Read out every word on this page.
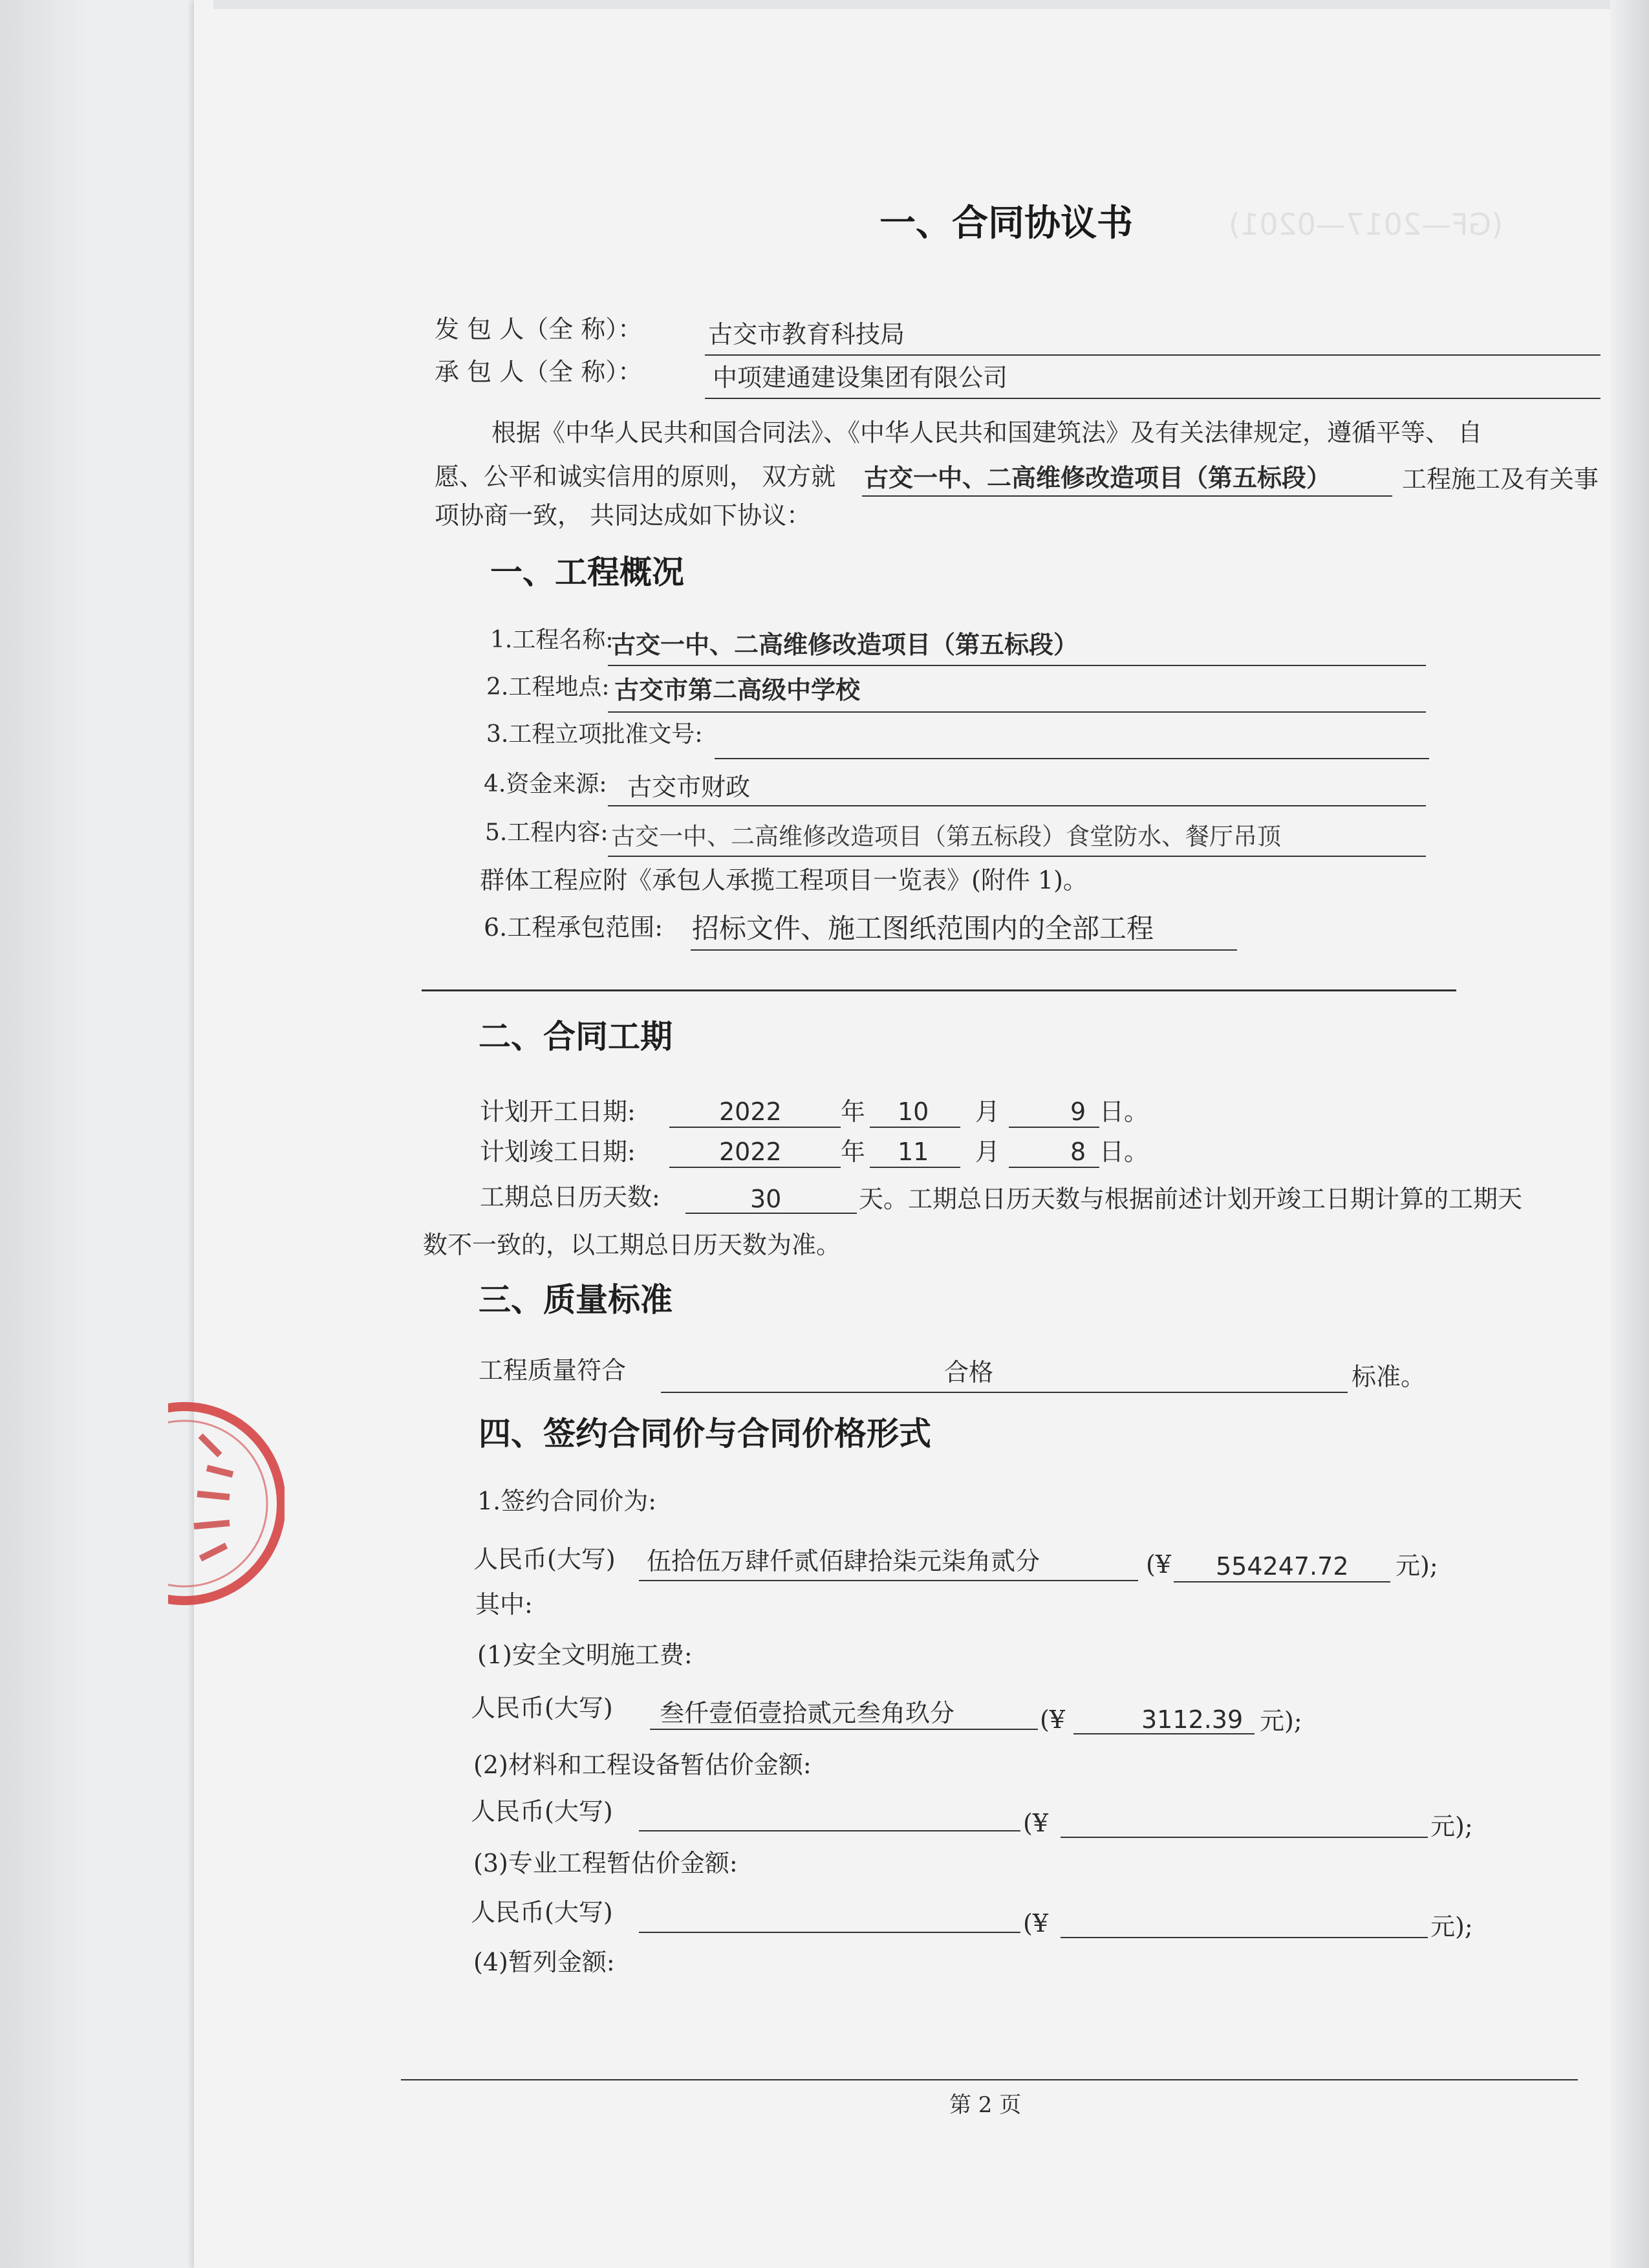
(GF—2017—0201)
一、合同协议书
发 包 人（全 称）：	古交市教育科技局
承 包 人（全 称）：	中项建通建设集团有限公司
根据《中华人民共和国合同法》、《中华人民共和国建筑法》及有关法律规定，遵循平等、 自
愿、公平和诚实信用的原则， 双方就 古交一中、二高维修改造项目（第五标段）	工程施工及有关事
项协商一致， 共同达成如下协议：
一、工程概况
1.工程名称:
古交一中、二高维修改造项目（第五标段）
2.工程地点: 古交市第二高级中学校
3.工程立项批准文号:
4.资金来源: 古交市财政
5.工程内容: 古交一中、二高维修改造项目（第五标段）食堂防水、餐厅吊顶
群体工程应附《承包人承揽工程项目一览表》(附件 1)。
6.工程承包范围: 招标文件、施工图纸范围内的全部工程
二、合同工期
计划开工日期:	2022 年 10 月	9 日。
计划竣工日期:	2022 年 11 月	8 日。
工期总日历天数:	30	天。工期总日历天数与根据前述计划开竣工日期计算的工期天
数不一致的，以工期总日历天数为准。
三、质量标准
工程质量符合	合格	标准。
四、签约合同价与合同价格形式
1.签约合同价为:
人民币(大写) 伍拾伍万肆仟贰佰肆拾柒元柒角贰分	(¥ 554247.72 元);
其中:
(1)安全文明施工费:
人民币(大写) 叁仟壹佰壹拾贰元叁角玖分	(¥	3112.39 元);
(2)材料和工程设备暂估价金额:
人民币(大写)	(¥	元);
(3)专业工程暂估价金额:
人民币(大写)	(¥	元);
(4)暂列金额:
第 2 页
